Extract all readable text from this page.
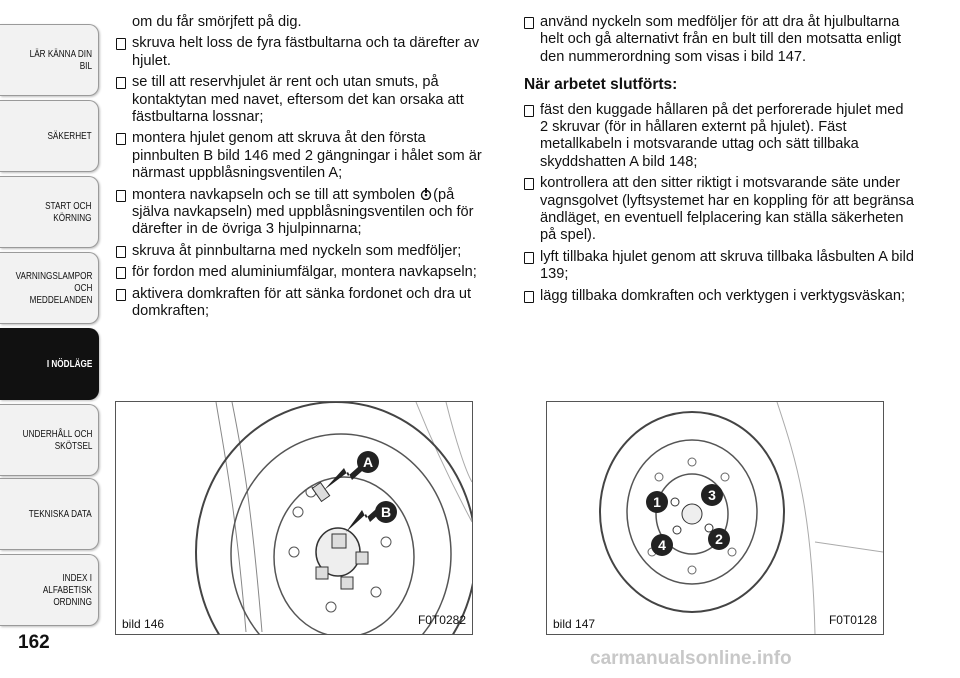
LÄR KÄNNA DIN BIL
SÄKERHET
START OCH
KÖRNING
VARNINGSLAMPOR
OCH
MEDDELANDEN
I NÖDLÄGE
UNDERHÅLL OCH
SKÖTSEL
TEKNISKA DATA
INDEX I ALFABETISK
ORDNING
162
om du får smörjfett på dig.
skruva helt loss de fyra fästbultarna och ta därefter av hjulet.
se till att reservhjulet är rent och utan smuts, på kontaktytan med navet, eftersom det kan orsaka att fästbultarna lossnar;
montera hjulet genom att skruva åt den första pinnbulten B bild 146 med 2 gängningar i hålet som är närmast uppblåsningsventilen A;
montera navkapseln och se till att symbolen (på själva navkapseln) med uppblåsningsventilen och för därefter in de övriga 3 hjulpinnarna;
skruva åt pinnbultarna med nyckeln som medföljer;
för fordon med aluminiumfälgar, montera navkapseln;
aktivera domkraften för att sänka fordonet och dra ut domkraften;
använd nyckeln som medföljer för att dra åt hjulbultarna helt och gå alternativt från en bult till den motsatta enligt den nummerordning som visas i bild 147.
När arbetet slutförts:
fäst den kuggade hållaren på det perforerade hjulet med 2 skruvar (för in hållaren externt på hjulet). Fäst metallkabeln i motsvarande uttag och sätt tillbaka skyddshatten A bild 148;
kontrollera att den sitter riktigt i motsvarande säte under vagnsgolvet (lyftsystemet har en koppling för att begränsa ändläget, en eventuell felplacering kan ställa säkerheten på spel).
lyft tillbaka hjulet genom att skruva tillbaka låsbulten A bild 139;
lägg tillbaka domkraften och verktygen i verktygsväskan;
A
B
bild 146	F0T0282
1	3
4	2
bild 147	F0T0128
carmanualsonline.info
